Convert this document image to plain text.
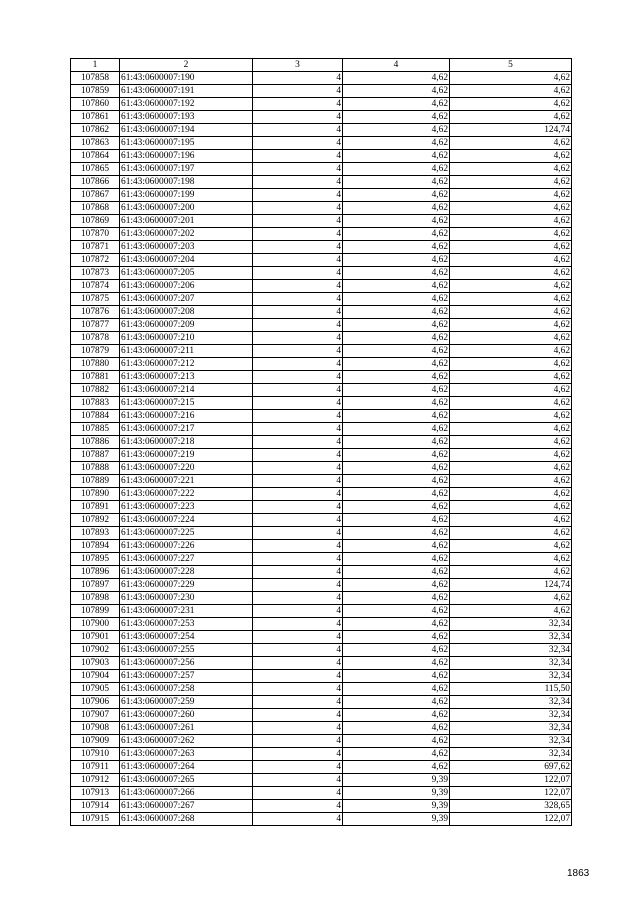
1	2	3	4	5
107858	61:43:0600007:190	4	4,62	4,62
107859	61:43:0600007:191	4	4,62	4,62
107860	61:43:0600007:192	4	4,62	4,62
107861	61:43:0600007:193	4	4,62	4,62
107862	61:43:0600007:194	4	4,62	124,74
107863	61:43:0600007:195	4	4,62	4,62
107864	61:43:0600007:196	4	4,62	4,62
107865	61:43:0600007:197	4	4,62	4,62
107866	61:43:0600007:198	4	4,62	4,62
107867	61:43:0600007:199	4	4,62	4,62
107868	61:43:0600007:200	4	4,62	4,62
107869	61:43:0600007:201	4	4,62	4,62
107870	61:43:0600007:202	4	4,62	4,62
107871	61:43:0600007:203	4	4,62	4,62
107872	61:43:0600007:204	4	4,62	4,62
107873	61:43:0600007:205	4	4,62	4,62
107874	61:43:0600007:206	4	4,62	4,62
107875	61:43:0600007:207	4	4,62	4,62
107876	61:43:0600007:208	4	4,62	4,62
107877	61:43:0600007:209	4	4,62	4,62
107878	61:43:0600007:210	4	4,62	4,62
107879	61:43:0600007:211	4	4,62	4,62
107880	61:43:0600007:212	4	4,62	4,62
107881	61:43:0600007:213	4	4,62	4,62
107882	61:43:0600007:214	4	4,62	4,62
107883	61:43:0600007:215	4	4,62	4,62
107884	61:43:0600007:216	4	4,62	4,62
107885	61:43:0600007:217	4	4,62	4,62
107886	61:43:0600007:218	4	4,62	4,62
107887	61:43:0600007:219	4	4,62	4,62
107888	61:43:0600007:220	4	4,62	4,62
107889	61:43:0600007:221	4	4,62	4,62
107890	61:43:0600007:222	4	4,62	4,62
107891	61:43:0600007:223	4	4,62	4,62
107892	61:43:0600007:224	4	4,62	4,62
107893	61:43:0600007:225	4	4,62	4,62
107894	61:43:0600007:226	4	4,62	4,62
107895	61:43:0600007:227	4	4,62	4,62
107896	61:43:0600007:228	4	4,62	4,62
107897	61:43:0600007:229	4	4,62	124,74
107898	61:43:0600007:230	4	4,62	4,62
107899	61:43:0600007:231	4	4,62	4,62
107900	61:43:0600007:253	4	4,62	32,34
107901	61:43:0600007:254	4	4,62	32,34
107902	61:43:0600007:255	4	4,62	32,34
107903	61:43:0600007:256	4	4,62	32,34
107904	61:43:0600007:257	4	4,62	32,34
107905	61:43:0600007:258	4	4,62	115,50
107906	61:43:0600007:259	4	4,62	32,34
107907	61:43:0600007:260	4	4,62	32,34
107908	61:43:0600007:261	4	4,62	32,34
107909	61:43:0600007:262	4	4,62	32,34
107910	61:43:0600007:263	4	4,62	32,34
107911	61:43:0600007:264	4	4,62	697,62
107912	61:43:0600007:265	4	9,39	122,07
107913	61:43:0600007:266	4	9,39	122,07
107914	61:43:0600007:267	4	9,39	328,65
107915	61:43:0600007:268	4	9,39	122,07
1863
